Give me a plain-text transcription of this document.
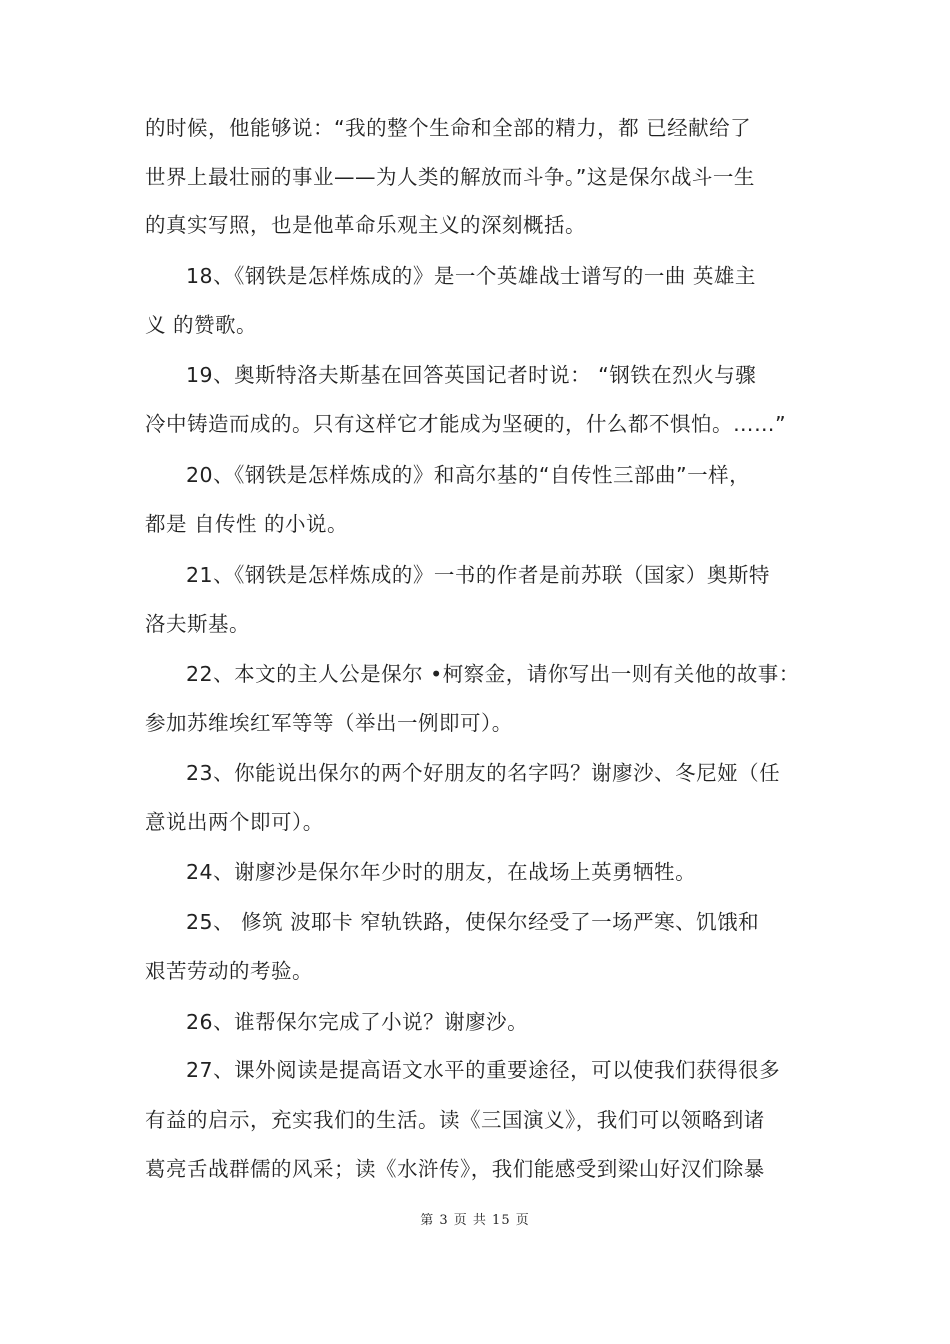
的时候，他能够说：“我的整个生命和全部的精力，都 已经献给了
世界上最壮丽的事业——为人类的解放而斗争。”这是保尔战斗一生
的真实写照，也是他革命乐观主义的深刻概括。
18、《钢铁是怎样炼成的》是一个英雄战士谱写的一曲 英雄主
义 的赞歌。
19、奥斯特洛夫斯基在回答英国记者时说： “钢铁在烈火与骤
冷中铸造而成的。只有这样它才能成为坚硬的，什么都不惧怕。……”
20、《钢铁是怎样炼成的》和高尔基的“自传性三部曲”一样，
都是 自传性 的小说。
21、《钢铁是怎样炼成的》一书的作者是前苏联（国家）奥斯特
洛夫斯基。
22、本文的主人公是保尔 •柯察金，请你写出一则有关他的故事：
参加苏维埃红军等等（举出一例即可）。
23、你能说出保尔的两个好朋友的名字吗？谢廖沙、冬尼娅（任
意说出两个即可）。
24、谢廖沙是保尔年少时的朋友，在战场上英勇牺牲。
25、 修筑 波耶卡 窄轨铁路，使保尔经受了一场严寒、饥饿和
艰苦劳动的考验。
26、谁帮保尔完成了小说？谢廖沙。
27、课外阅读是提高语文水平的重要途径，可以使我们获得很多
有益的启示，充实我们的生活。读《三国演义》，我们可以领略到诸
葛亮舌战群儒的风采；读《水浒传》，我们能感受到梁山好汉们除暴
第 3 页 共 15 页
